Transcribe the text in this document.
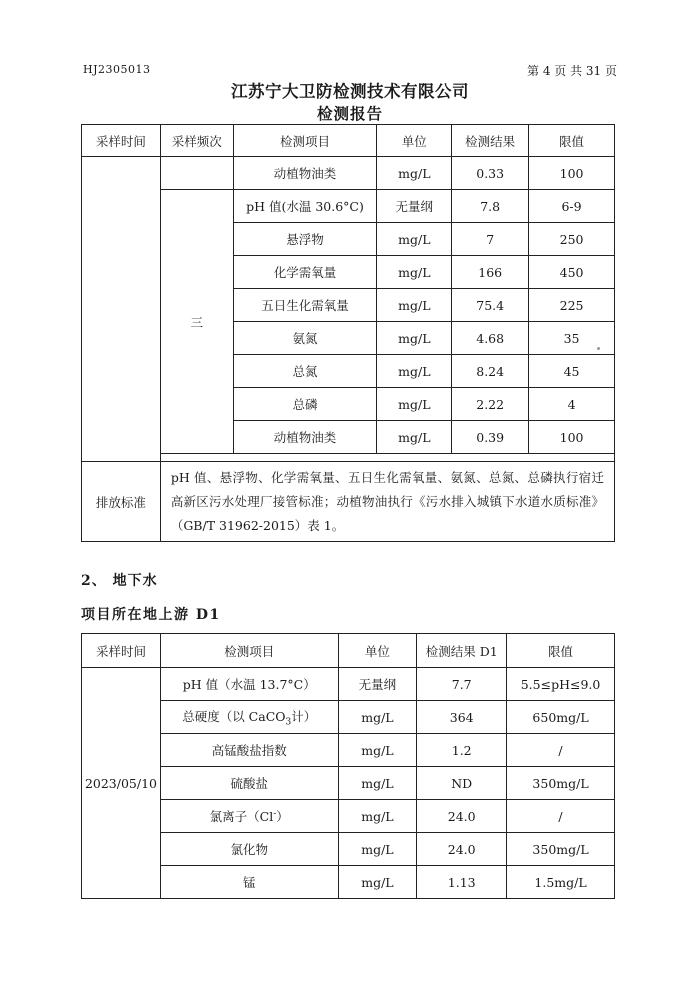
HJ2305013	第 4 页 共 31 页
江苏宁大卫防检测技术有限公司
检测报告
采样时间	采样频次	检测项目	单位	检测结果	限值
		动植物油类	mg/L	0.33	100
	三	pH 值(水温 30.6°C)	无量纲	7.8	6-9
		悬浮物	mg/L	7	250
		化学需氧量	mg/L	166	450
		五日生化需氧量	mg/L	75.4	225
		氨氮	mg/L	4.68	35
		总氮	mg/L	8.24	45
		总磷	mg/L	2.22	4
		动植物油类	mg/L	0.39	100

排放标准	pH 值、悬浮物、化学需氧量、五日生化需氧量、氨氮、总氮、总磷执行宿迁高新区污水处理厂接管标准；动植物油执行《污水排入城镇下水道水质标准》（GB/T 31962-2015）表 1。				
2、 地下水
项目所在地上游 D1
采样时间	检测项目	单位	检测结果 D1	限值
2023/05/10	pH 值（水温 13.7°C）	无量纲	7.7	5.5≤pH≤9.0
	总硬度（以 CaCO$_3$计）	mg/L	364	650mg/L
	高锰酸盐指数	mg/L	1.2	/
	硫酸盐	mg/L	ND	350mg/L
	氯离子（Cl-）	mg/L	24.0	/
	氯化物	mg/L	24.0	350mg/L
	锰	mg/L	1.13	1.5mg/L
